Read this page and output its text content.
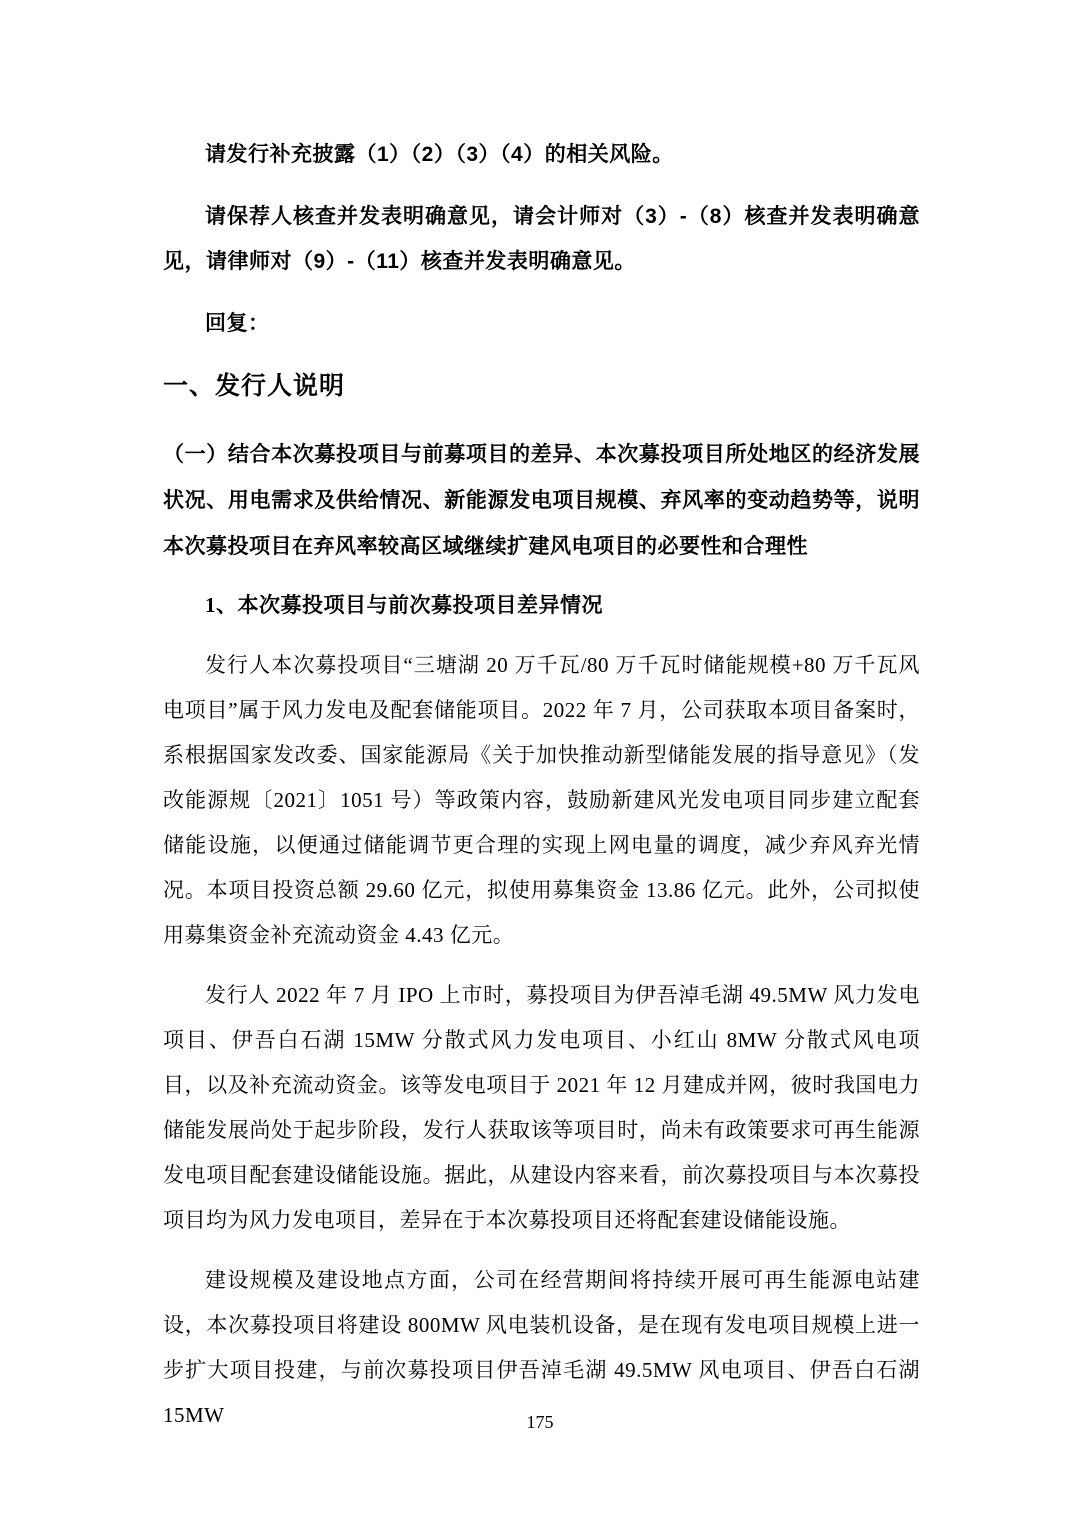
请发行补充披露（1）（2）（3）（4）的相关风险。

请保荐人核查并发表明确意见，请会计师对（3）-（8）核查并发表明确意见，请律师对（9）-（11）核查并发表明确意见。

回复：

一、发行人说明

（一）结合本次募投项目与前募项目的差异、本次募投项目所处地区的经济发展状况、用电需求及供给情况、新能源发电项目规模、弃风率的变动趋势等，说明本次募投项目在弃风率较高区域继续扩建风电项目的必要性和合理性

1、本次募投项目与前次募投项目差异情况

发行人本次募投项目“三塘湖 20 万千瓦/80 万千瓦时储能规模+80 万千瓦风电项目”属于风力发电及配套储能项目。2022 年 7 月，公司获取本项目备案时，系根据国家发改委、国家能源局《关于加快推动新型储能发展的指导意见》（发改能源规〔2021〕1051 号）等政策内容，鼓励新建风光发电项目同步建立配套储能设施，以便通过储能调节更合理的实现上网电量的调度，减少弃风弃光情况。本项目投资总额 29.60 亿元，拟使用募集资金 13.86 亿元。此外，公司拟使用募集资金补充流动资金 4.43 亿元。

发行人 2022 年 7 月 IPO 上市时，募投项目为伊吾淖毛湖 49.5MW 风力发电项目、伊吾白石湖 15MW 分散式风力发电项目、小红山 8MW 分散式风电项目，以及补充流动资金。该等发电项目于 2021 年 12 月建成并网，彼时我国电力储能发展尚处于起步阶段，发行人获取该等项目时，尚未有政策要求可再生能源发电项目配套建设储能设施。据此，从建设内容来看，前次募投项目与本次募投项目均为风力发电项目，差异在于本次募投项目还将配套建设储能设施。

建设规模及建设地点方面，公司在经营期间将持续开展可再生能源电站建设，本次募投项目将建设 800MW 风电装机设备，是在现有发电项目规模上进一步扩大项目投建，与前次募投项目伊吾淖毛湖 49.5MW 风电项目、伊吾白石湖 15MW	175
